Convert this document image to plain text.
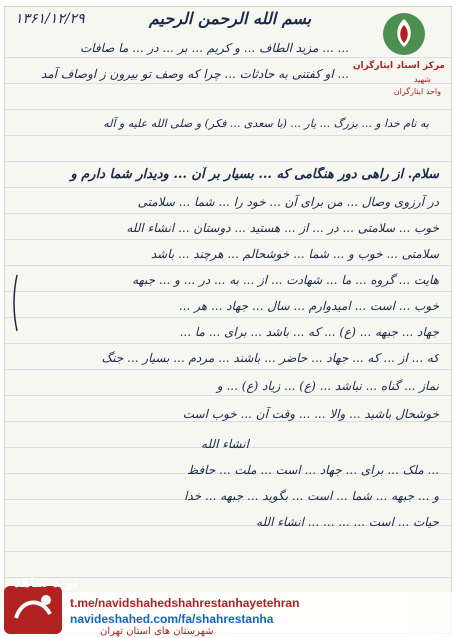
۱۳۶۱/۱۲/۲۹	بسم الله الرحمن الرحیم
... ... مزید الطاف ... و کریم ... بر ... در ... ما صافات
... او کفتنی به حادثات ... چرا که وصف تو بیرون ز اوصاف آمد
به نام خدا و ... بزرگ ... یار ... (با سعدی ... فکر) و صلی الله علیه و آله
سلام. از راهی دور هنگامی که ... بسیار بر آن ... ودیدار شما دارم و
در آرزوی وصال ... من برای آن ... خود را ... شما ... سلامتی
خوب ... سلامتی ... در ... از ... هستید ... دوستان ... انشاء الله
سلامتی ... خوب و ... شما ... خوشحالم ... هرچند ... باشد
هایت ... گروه ... ما ... شهادت ... از ... به ... در ... و ... جبهه
خوب ... است ... امیدوارم ... سال ... جهاد ... هر ...
جهاد ... جبهه ... (ع) ... که ... باشد ... برای ... ما ...
که ... از ... که ... جهاد ... حاضر ... باشند ... مردم ... بسیار ... جنگ
نماز ... گناه ... نباشد ... (ع) ... زیاد (ع) ... و
خوشحال باشید ... والا ... ... وقت آن ... خوب است
انشاء الله
... ملک ... برای ... جهاد ... است ... ملت ... حافظ
و ... جبهه ... شما ... است ... بگوید ... جبهه ... خدا
حیات ... است ... ... ... ... انشاء الله
مرکز اسناد ایثارگران
شهید
واحد ایثارگران
نوید شاهد
t.me/navidshahedshahrestanhayetehran
navideshahed.com/fa/shahrestanha
شهرستان های استان تهران
